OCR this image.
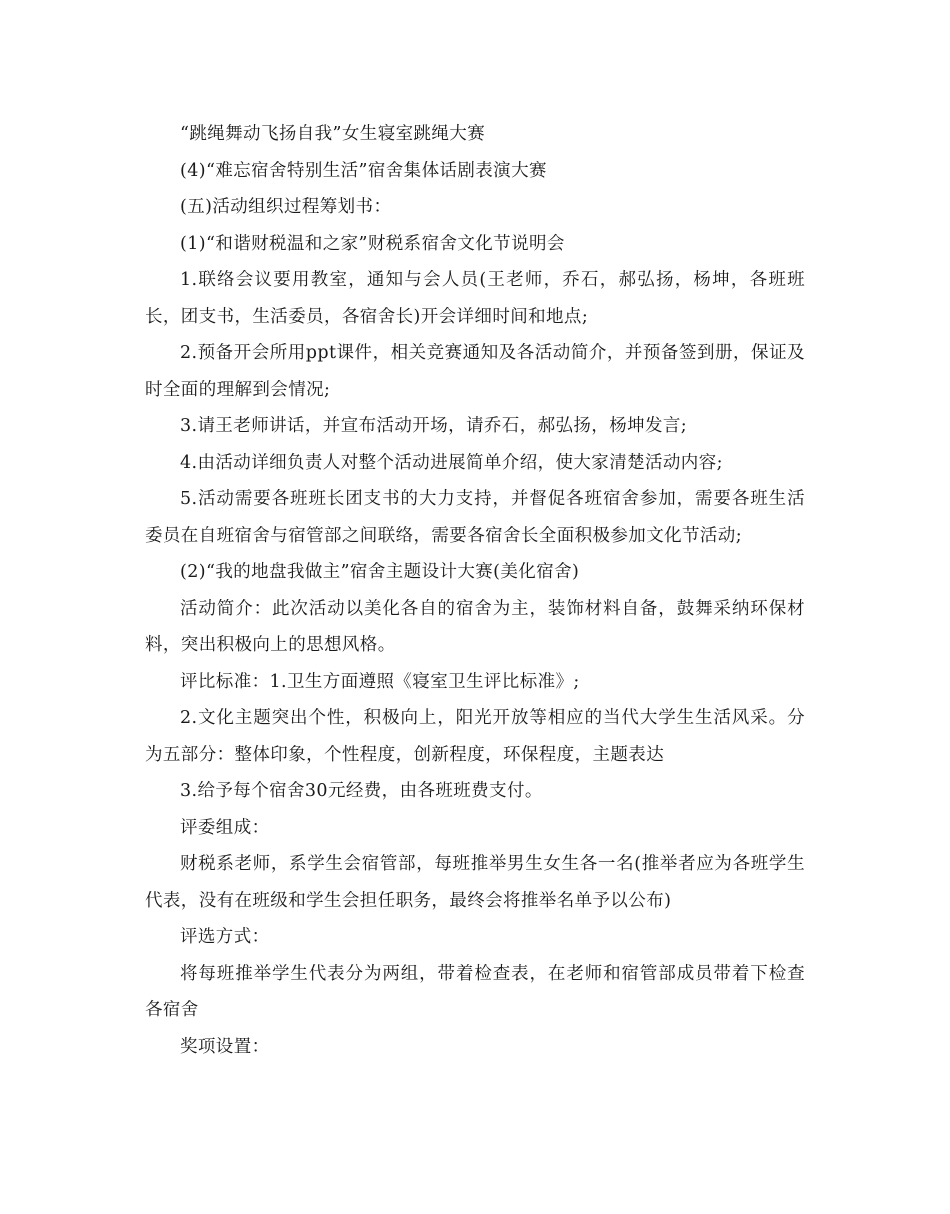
“跳绳舞动飞扬自我”女生寝室跳绳大赛

(4)“难忘宿舍特别生活”宿舍集体话剧表演大赛

(五)活动组织过程筹划书：

(1)“和谐财税温和之家”财税系宿舍文化节说明会

1.联络会议要用教室，通知与会人员(王老师，乔石，郝弘扬，杨坤，各班班长，团支书，生活委员，各宿舍长)开会详细时间和地点;

2.预备开会所用ppt课件，相关竞赛通知及各活动简介，并预备签到册，保证及时全面的理解到会情况;

3.请王老师讲话，并宣布活动开场，请乔石，郝弘扬，杨坤发言;

4.由活动详细负责人对整个活动进展简单介绍，使大家清楚活动内容;

5.活动需要各班班长团支书的大力支持，并督促各班宿舍参加，需要各班生活委员在自班宿舍与宿管部之间联络，需要各宿舍长全面积极参加文化节活动;

(2)“我的地盘我做主”宿舍主题设计大赛(美化宿舍)

活动简介：此次活动以美化各自的宿舍为主，装饰材料自备，鼓舞采纳环保材料，突出积极向上的思想风格。

评比标准：1.卫生方面遵照《寝室卫生评比标准》;

2.文化主题突出个性，积极向上，阳光开放等相应的当代大学生生活风采。分为五部分：整体印象，个性程度，创新程度，环保程度，主题表达

3.给予每个宿舍30元经费，由各班班费支付。

评委组成：

财税系老师，系学生会宿管部，每班推举男生女生各一名(推举者应为各班学生代表，没有在班级和学生会担任职务，最终会将推举名单予以公布)

评选方式：

将每班推举学生代表分为两组，带着检查表，在老师和宿管部成员带着下检查各宿舍

奖项设置：
